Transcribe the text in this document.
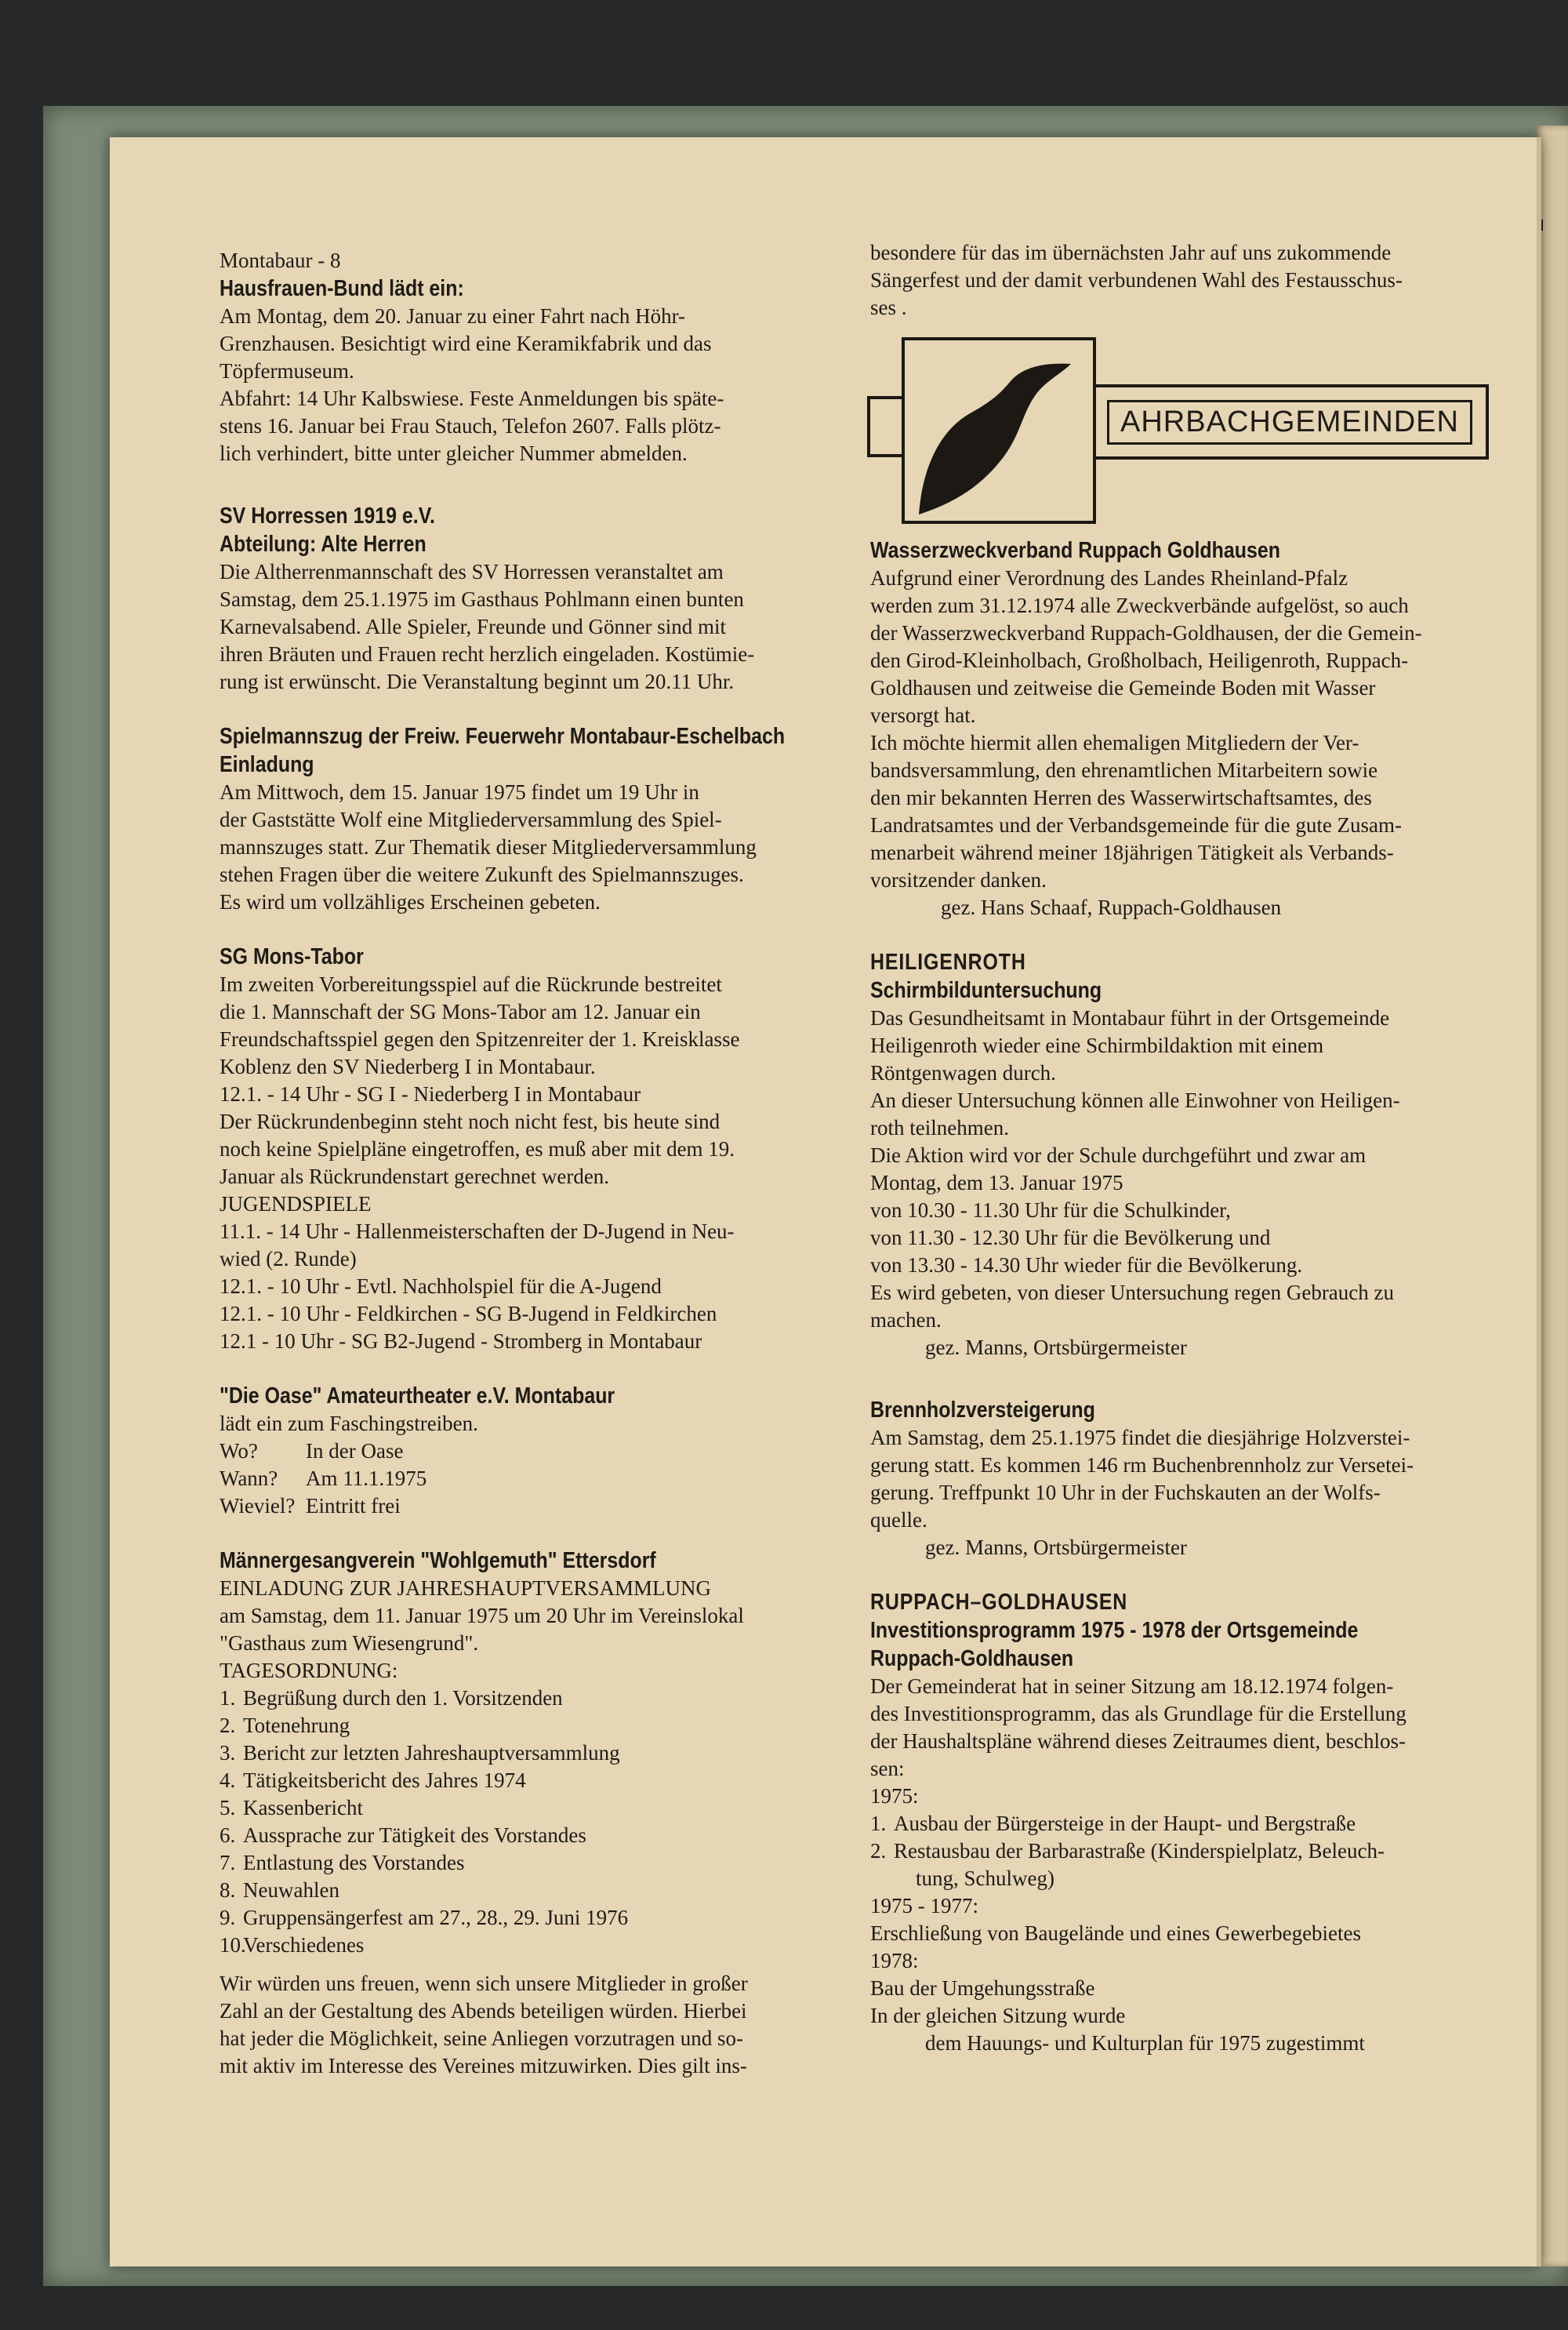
Montabaur - 8

Hausfrauen-Bund lädt ein:

Am Montag, dem 20. Januar zu einer Fahrt nach Höhr-

Grenzhausen. Besichtigt wird eine Keramikfabrik und das

Töpfermuseum.

Abfahrt: 14 Uhr Kalbswiese. Feste Anmeldungen bis späte-

stens 16. Januar bei Frau Stauch, Telefon 2607. Falls plötz-

lich verhindert, bitte unter gleicher Nummer abmelden.

SV Horressen 1919 e.V.

Abteilung: Alte Herren

Die Altherrenmannschaft des SV Horressen veranstaltet am

Samstag, dem 25.1.1975 im Gasthaus Pohlmann einen bunten

Karnevalsabend. Alle Spieler, Freunde und Gönner sind mit

ihren Bräuten und Frauen recht herzlich eingeladen. Kostümie-

rung ist erwünscht. Die Veranstaltung beginnt um 20.11 Uhr.

Spielmannszug der Freiw. Feuerwehr Montabaur-Eschelbach

Einladung

Am Mittwoch, dem 15. Januar 1975 findet um 19 Uhr in

der Gaststätte Wolf eine Mitgliederversammlung des Spiel-

mannszuges statt. Zur Thematik dieser Mitgliederversammlung

stehen Fragen über die weitere Zukunft des Spielmannszuges.

Es wird um vollzähliges Erscheinen gebeten.

SG Mons-Tabor

Im zweiten Vorbereitungsspiel auf die Rückrunde bestreitet

die 1. Mannschaft der SG Mons-Tabor am 12. Januar ein

Freundschaftsspiel gegen den Spitzenreiter der 1. Kreisklasse

Koblenz den SV Niederberg I in Montabaur.

12.1. - 14 Uhr - SG I - Niederberg I in Montabaur

Der Rückrundenbeginn steht noch nicht fest, bis heute sind

noch keine Spielpläne eingetroffen, es muß aber mit dem 19.

Januar als Rückrundenstart gerechnet werden.

JUGENDSPIELE

11.1. - 14 Uhr - Hallenmeisterschaften der D-Jugend in Neu-

wied (2. Runde)

12.1. - 10 Uhr - Evtl. Nachholspiel für die A-Jugend

12.1. - 10 Uhr - Feldkirchen - SG B-Jugend in Feldkirchen

12.1 - 10 Uhr - SG B2-Jugend - Stromberg in Montabaur

"Die Oase" Amateurtheater e.V. Montabaur

lädt ein zum Faschingstreiben.

Wo?	In der Oase
Wann?	Am 11.1.1975
Wieviel? Eintritt frei

Männergesangverein "Wohlgemuth" Ettersdorf

EINLADUNG ZUR JAHRESHAUPTVERSAMMLUNG

am Samstag, dem 11. Januar 1975 um 20 Uhr im Vereinslokal

"Gasthaus zum Wiesengrund".

TAGESORDNUNG:

1. Begrüßung durch den 1. Vorsitzenden
2. Totenehrung
3. Bericht zur letzten Jahreshauptversammlung
4. Tätigkeitsbericht des Jahres 1974
5. Kassenbericht
6. Aussprache zur Tätigkeit des Vorstandes
7. Entlastung des Vorstandes
8. Neuwahlen
9. Gruppensängerfest am 27., 28., 29. Juni 1976
10.
Verschiedenes

Wir würden uns freuen, wenn sich unsere Mitglieder in großer

Zahl an der Gestaltung des Abends beteiligen würden. Hierbei

hat jeder die Möglichkeit, seine Anliegen vorzutragen und so-

mit aktiv im Interesse des Vereines mitzuwirken. Dies gilt ins-

besondere für das im übernächsten Jahr auf uns zukommende

Sängerfest und der damit verbundenen Wahl des Festausschus-

ses .

AHRBACHGEMEINDEN

Wasserzweckverband Ruppach Goldhausen

Aufgrund einer Verordnung des Landes Rheinland-Pfalz

werden zum 31.12.1974 alle Zweckverbände aufgelöst, so auch

der Wasserzweckverband Ruppach-Goldhausen, der die Gemein-

den Girod-Kleinholbach, Großholbach, Heiligenroth, Ruppach-

Goldhausen und zeitweise die Gemeinde Boden mit Wasser

versorgt hat.

Ich möchte hiermit allen ehemaligen Mitgliedern der Ver-

bandsversammlung, den ehrenamtlichen Mitarbeitern sowie

den mir bekannten Herren des Wasserwirtschaftsamtes, des

Landratsamtes und der Verbandsgemeinde für die gute Zusam-

menarbeit während meiner 18jährigen Tätigkeit als Verbands-

vorsitzender danken.

gez. Hans Schaaf, Ruppach-Goldhausen

HEILIGENROTH

Schirmbilduntersuchung

Das Gesundheitsamt in Montabaur führt in der Ortsgemeinde

Heiligenroth wieder eine Schirmbildaktion mit einem

Röntgenwagen durch.

An dieser Untersuchung können alle Einwohner von Heiligen-

roth teilnehmen.

Die Aktion wird vor der Schule durchgeführt und zwar am

Montag, dem 13. Januar 1975

von 10.30 - 11.30 Uhr für die Schulkinder,

von 11.30 - 12.30 Uhr für die Bevölkerung und

von 13.30 - 14.30 Uhr wieder für die Bevölkerung.

Es wird gebeten, von dieser Untersuchung regen Gebrauch zu

machen.

gez. Manns, Ortsbürgermeister

Brennholzversteigerung

Am Samstag, dem 25.1.1975 findet die diesjährige Holzverstei-

gerung statt. Es kommen 146 rm Buchenbrennholz zur Versetei-

gerung. Treffpunkt 10 Uhr in der Fuchskauten an der Wolfs-

quelle.

gez. Manns, Ortsbürgermeister

RUPPACH–GOLDHAUSEN

Investitionsprogramm 1975 - 1978 der Ortsgemeinde

Ruppach-Goldhausen

Der Gemeinderat hat in seiner Sitzung am 18.12.1974 folgen-

des Investitionsprogramm, das als Grundlage für die Erstellung

der Haushaltspläne während dieses Zeitraumes dient, beschlos-

sen:

1975:

1. Ausbau der Bürgersteige in der Haupt- und Bergstraße
2. Restausbau der Barbarastraße (Kinderspielplatz, Beleuch-

tung, Schulweg)

1975 - 1977:

Erschließung von Baugelände und eines Gewerbegebietes

1978:

Bau der Umgehungsstraße

In der gleichen Sitzung wurde

dem Hauungs- und Kulturplan für 1975 zugestimmt
